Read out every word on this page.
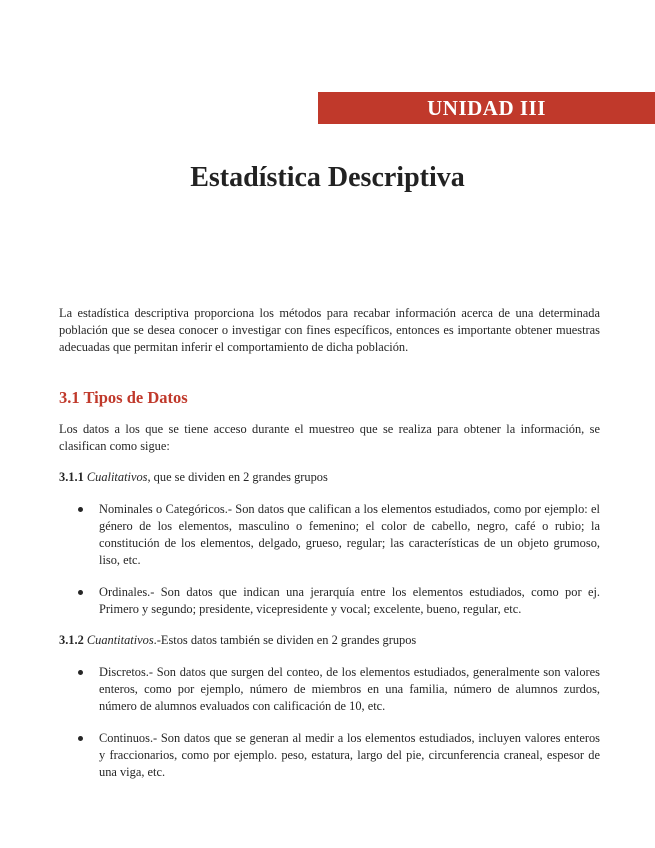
UNIDAD III
Estadística Descriptiva

La estadística descriptiva proporciona los métodos para recabar información acerca de una determinada población que se desea conocer o investigar con fines específicos, entonces es importante obtener muestras adecuadas que permitan inferir el comportamiento de dicha población.

3.1 Tipos de Datos

Los datos a los que se tiene acceso durante el muestreo que se realiza para obtener la información, se clasifican como sigue:

3.1.1 Cualitativos, que se dividen en 2 grandes grupos

Nominales o Categóricos.- Son datos que califican a los elementos estudiados, como por ejemplo: el género de los elementos, masculino o femenino; el color de cabello, negro, café o rubio; la constitución de los elementos, delgado, grueso, regular; las características de un objeto grumoso, liso, etc.
Ordinales.- Son datos que indican una jerarquía entre los elementos estudiados, como por ej. Primero y segundo; presidente, vicepresidente y vocal; excelente, bueno, regular, etc.

3.1.2 Cuantitativos.-Estos datos también se dividen en 2 grandes grupos

Discretos.- Son datos que surgen del conteo, de los elementos estudiados, generalmente son valores enteros, como por ejemplo, número de miembros en una familia, número de alumnos zurdos, número de alumnos evaluados con calificación de 10, etc.
Continuos.- Son datos que se generan al medir a los elementos estudiados, incluyen valores enteros y fraccionarios, como por ejemplo. peso, estatura, largo del pie, circunferencia craneal, espesor de una viga, etc.
